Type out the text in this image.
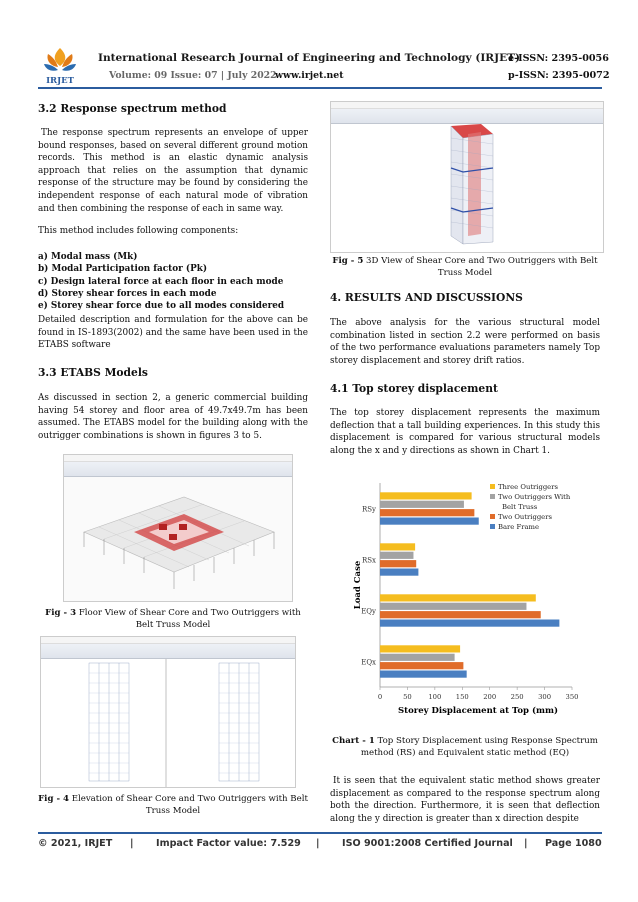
IRJET
International Research Journal of Engineering and Technology (IRJET)
e-ISSN: 2395-0056
Volume: 09 Issue: 07 | July 2022
www.irjet.net	p-ISSN: 2395-0072
3.2 Response spectrum method
The response spectrum represents an envelope of upper bound responses, based on several different ground motion records. This method is an elastic dynamic analysis approach that relies on the assumption that dynamic response of the structure may be found by considering the independent response of each natural mode of vibration and then combining the response of each in same way.
This method includes following components:
a) Modal mass (Mk)
b) Modal Participation factor (Pk)
c) Design lateral force at each floor in each mode
d) Storey shear forces in each mode
e) Storey shear force due to all modes considered
Detailed description and formulation for the above can be found in IS-1893(2002) and the same have been used in the ETABS software
3.3 ETABS Models
As discussed in section 2, a generic commercial building having 54 storey and floor area of 49.7x49.7m has been assumed. The ETABS model for the building along with the outrigger combinations is shown in figures 3 to 5.
Fig - 3 Floor View of Shear Core and Two Outriggers with Belt Truss Model
Fig - 4 Elevation of Shear Core and Two Outriggers with Belt Truss Model
Fig - 5 3D View of Shear Core and Two Outriggers with Belt Truss Model
4. RESULTS AND DISCUSSIONS
The above analysis for the various structural model combination listed in section 2.2 were performed on basis of the two performance evaluations parameters namely Top storey displacement and storey drift ratios.
4.1 Top storey displacement
The top storey displacement represents the maximum deflection that a tall building experiences. In this study this displacement is compared for various structural models along the x and y directions as shown in Chart 1.
Load Case
Storey Displacement at Top (mm)
0	50 100 150 200 250 300 350
EQx
EQy
RSx
RSy
Three Outriggers
Two Outriggers With
Belt Truss
Two Outriggers
Bare Frame
Chart - 1 Top Story Displacement using Response Spectrum method (RS) and Equivalent static method (EQ)
It is seen that the equivalent static method shows greater displacement as compared to the response spectrum along both the direction. Furthermore, it is seen that deflection along the y direction is greater than x direction despite
© 2021, IRJET | Impact Factor value: 7.529 | ISO 9001:2008 Certified Journal | Page 1080
